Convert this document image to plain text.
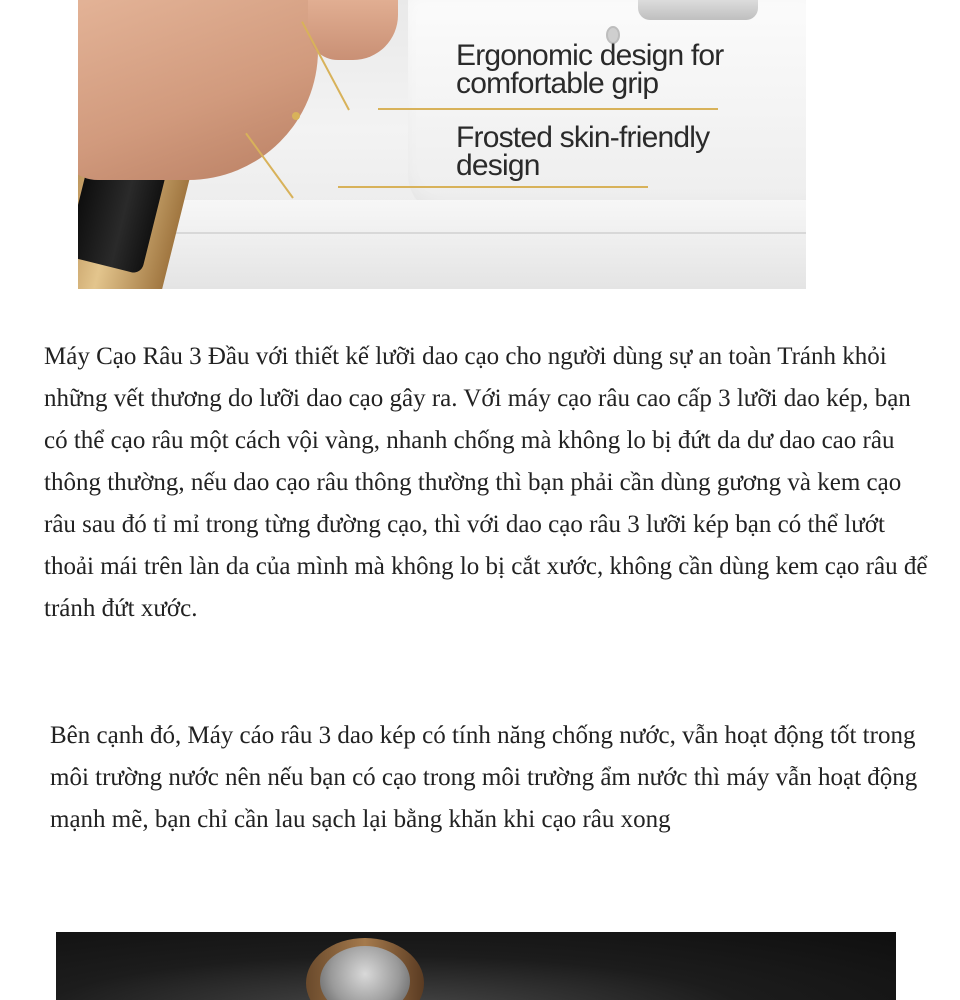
Ergonomic design for
comfortable grip
Frosted skin-friendly
design

Máy Cạo Râu 3 Đầu với thiết kế lưỡi dao cạo cho người dùng sự an toàn Tránh khỏi những vết thương do lưỡi dao cạo gây ra. Với máy cạo râu cao cấp 3 lưỡi dao kép, bạn có thể cạo râu một cách vội vàng, nhanh chống mà không lo bị đứt da dư dao cao râu thông thường, nếu dao cạo râu thông thường thì bạn phải cần dùng gương và kem cạo râu sau đó tỉ mỉ trong từng đường cạo, thì với dao cạo râu 3 lưỡi kép bạn có thể lướt thoải mái trên làn da của mình mà không lo bị cắt xước, không cần dùng kem cạo râu để tránh đứt xước.

Bên cạnh đó, Máy cáo râu 3 dao kép có tính năng chống nước, vẫn hoạt động tốt trong môi trường nước nên nếu bạn có cạo trong môi trường ẩm nước thì máy vẫn hoạt động mạnh mẽ, bạn chỉ cần lau sạch lại bằng khăn khi cạo râu xong
